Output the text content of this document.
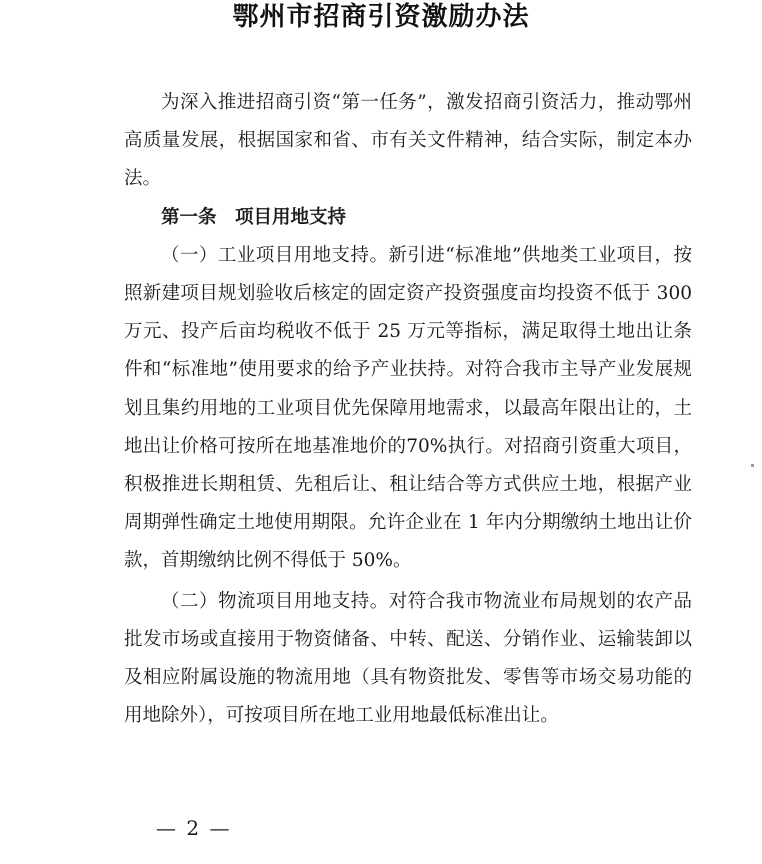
鄂州市招商引资激励办法

为深入推进招商引资“第一任务”，激发招商引资活力，推动鄂州高质量发展，根据国家和省、市有关文件精神，结合实际，制定本办法。

第一条　项目用地支持

（一）工业项目用地支持。新引进“标准地”供地类工业项目，按照新建项目规划验收后核定的固定资产投资强度亩均投资不低于 300 万元、投产后亩均税收不低于 25 万元等指标，满足取得土地出让条件和“标准地”使用要求的给予产业扶持。对符合我市主导产业发展规划且集约用地的工业项目优先保障用地需求，以最高年限出让的，土地出让价格可按所在地基准地价的70%执行。对招商引资重大项目，积极推进长期租赁、先租后让、租让结合等方式供应土地，根据产业周期弹性确定土地使用期限。允许企业在 1 年内分期缴纳土地出让价款，首期缴纳比例不得低于 50%。

（二）物流项目用地支持。对符合我市物流业布局规划的农产品批发市场或直接用于物资储备、中转、配送、分销作业、运输装卸以及相应附属设施的物流用地（具有物资批发、零售等市场交易功能的用地除外），可按项目所在地工业用地最低标准出让。

— 2 —
